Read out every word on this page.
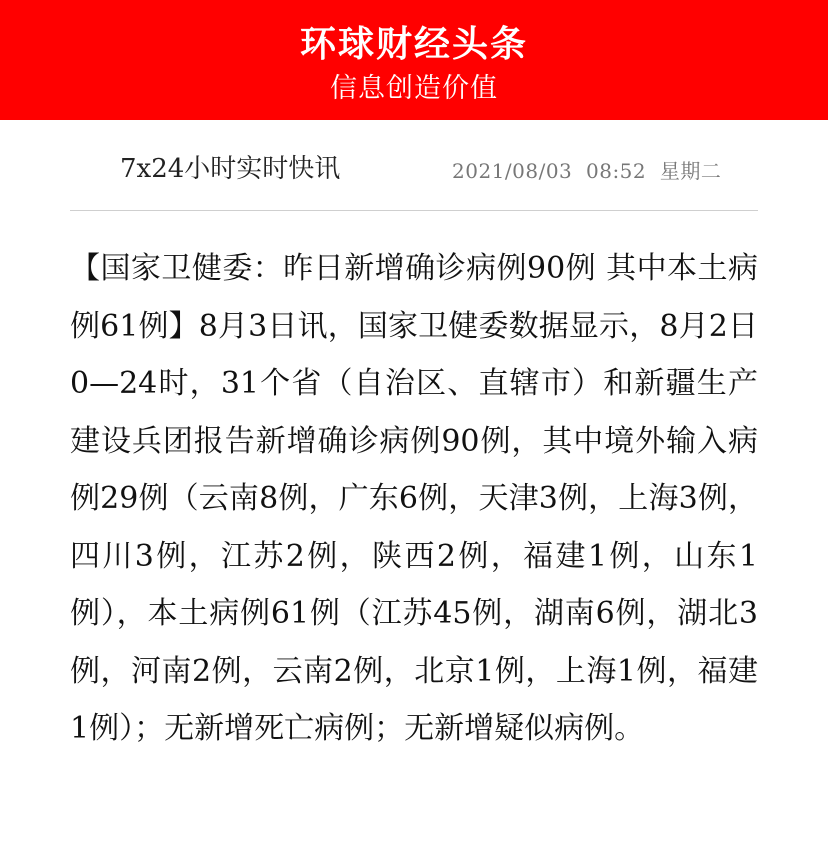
环球财经头条
信息创造价值
7x24小时实时快讯	2021/08/03  08:52  星期二
【国家卫健委：昨日新增确诊病例90例 其中本土病例61例】8月3日讯，国家卫健委数据显示，8月2日0—24时，31个省（自治区、直辖市）和新疆生产建设兵团报告新增确诊病例90例，其中境外输入病例29例（云南8例，广东6例，天津3例，上海3例，四川3例，江苏2例，陕西2例，福建1例，山东1例），本土病例61例（江苏45例，湖南6例，湖北3例，河南2例，云南2例，北京1例，上海1例，福建1例）；无新增死亡病例；无新增疑似病例。
